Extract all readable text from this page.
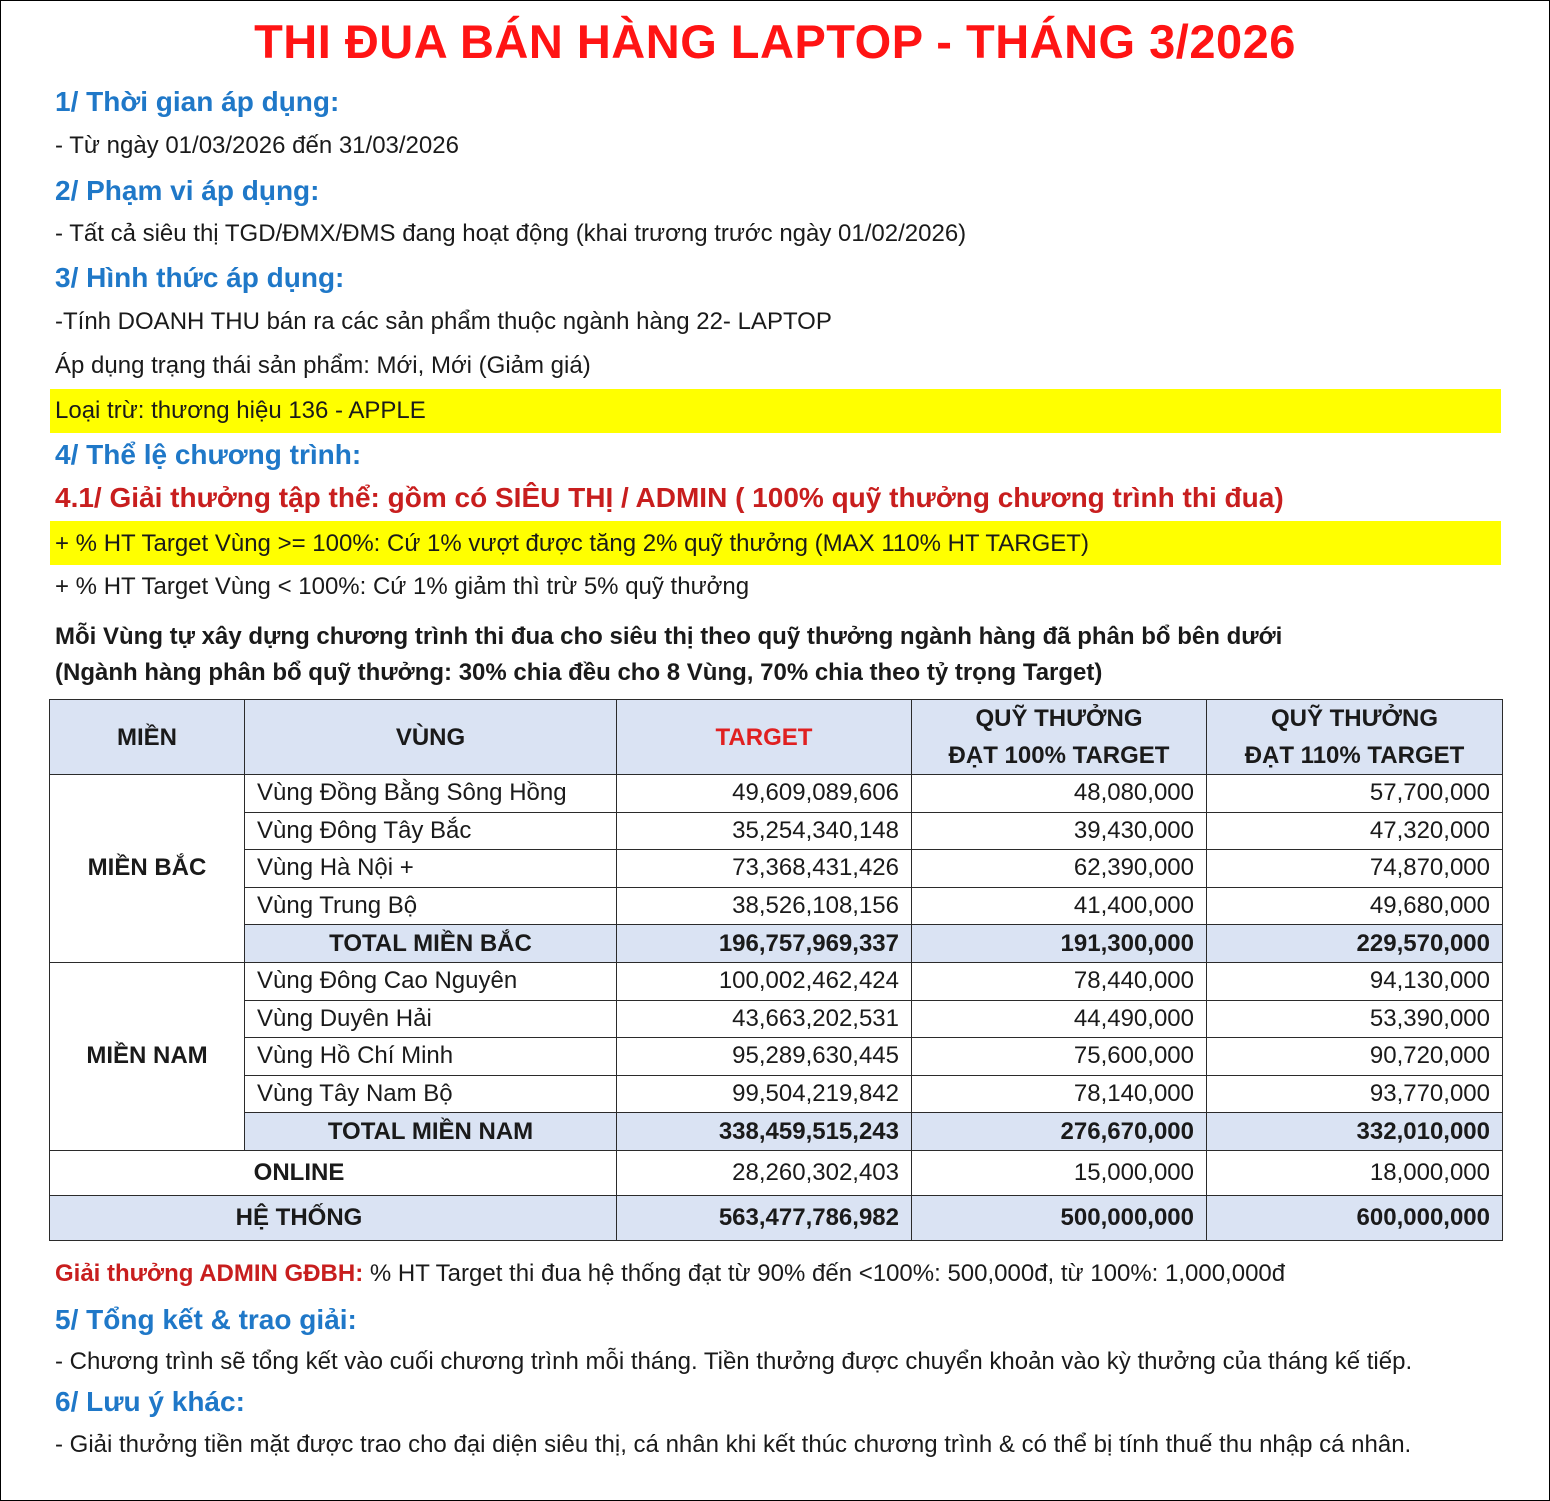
THI ĐUA BÁN HÀNG LAPTOP - THÁNG 3/2026
1/ Thời gian áp dụng:
- Từ ngày 01/03/2026 đến 31/03/2026
2/ Phạm vi áp dụng:
- Tất cả siêu thị TGD/ĐMX/ĐMS đang hoạt động (khai trương trước ngày 01/02/2026)
3/ Hình thức áp dụng:
-Tính DOANH THU bán ra các sản phẩm thuộc ngành hàng 22- LAPTOP
Áp dụng trạng thái sản phẩm: Mới, Mới (Giảm giá)
Loại trừ: thương hiệu 136 - APPLE
4/ Thể lệ chương trình:
4.1/ Giải thưởng tập thể: gồm có SIÊU THỊ / ADMIN ( 100% quỹ thưởng chương trình thi đua)
+ % HT Target Vùng >= 100%: Cứ 1% vượt được tăng 2% quỹ thưởng (MAX 110% HT TARGET)
+ % HT Target Vùng < 100%: Cứ 1% giảm thì trừ 5% quỹ thưởng
Mỗi Vùng tự xây dựng chương trình thi đua cho siêu thị theo quỹ thưởng ngành hàng đã phân bổ bên dưới
(Ngành hàng phân bổ quỹ thưởng: 30% chia đều cho 8 Vùng, 70% chia theo tỷ trọng Target)
MIỀN	VÙNG	TARGET	QUỸ THƯỞNG
ĐẠT 100% TARGET	QUỸ THƯỞNG
ĐẠT 110% TARGET
MIỀN BẮC	Vùng Đồng Bằng Sông Hồng	49,609,089,606	48,080,000	57,700,000
	Vùng Đông Tây Bắc	35,254,340,148	39,430,000	47,320,000
	Vùng Hà Nội +	73,368,431,426	62,390,000	74,870,000
	Vùng Trung Bộ	38,526,108,156	41,400,000	49,680,000
	TOTAL MIỀN BẮC	196,757,969,337	191,300,000	229,570,000
MIỀN NAM	Vùng Đông Cao Nguyên	100,002,462,424	78,440,000	94,130,000
	Vùng Duyên Hải	43,663,202,531	44,490,000	53,390,000
	Vùng Hồ Chí Minh	95,289,630,445	75,600,000	90,720,000
	Vùng Tây Nam Bộ	99,504,219,842	78,140,000	93,770,000
	TOTAL MIỀN NAM	338,459,515,243	276,670,000	332,010,000
ONLINE		28,260,302,403	15,000,000	18,000,000
HỆ THỐNG		563,477,786,982	500,000,000	600,000,000
Giải thưởng ADMIN GĐBH: % HT Target thi đua hệ thống đạt từ 90% đến <100%: 500,000đ, từ 100%: 1,000,000đ
5/ Tổng kết & trao giải:
- Chương trình sẽ tổng kết vào cuối chương trình mỗi tháng. Tiền thưởng được chuyển khoản vào kỳ thưởng của tháng kế tiếp.
6/ Lưu ý khác:
- Giải thưởng tiền mặt được trao cho đại diện siêu thị, cá nhân khi kết thúc chương trình & có thể bị tính thuế thu nhập cá nhân.
